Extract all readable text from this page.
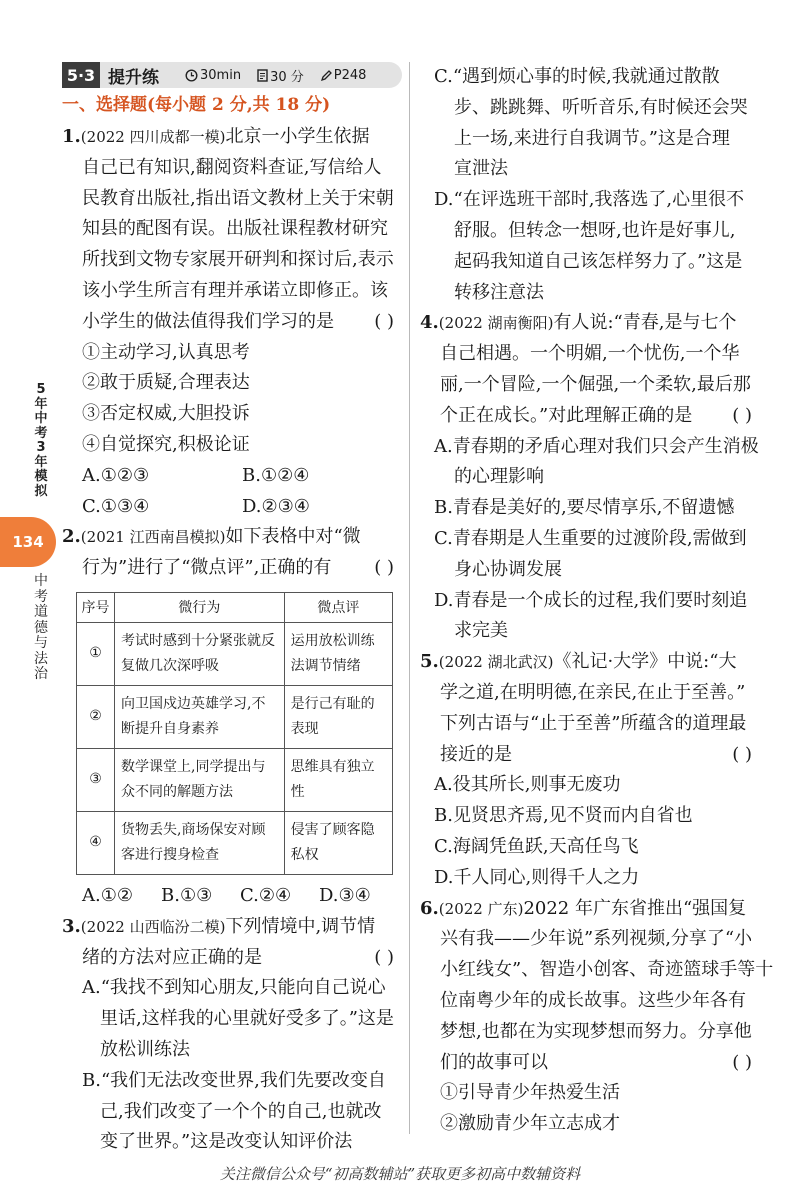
5年中考3年模拟
134
中考道德与法治
5·3 提升练	30min 30 分 P248
一、选择题(每小题 2 分,共 18 分)
1.(2022 四川成都一模)北京一小学生依据
自己已有知识,翻阅资料查证,写信给人
民教育出版社,指出语文教材上关于宋朝
知县的配图有误。出版社课程教材研究
所找到文物专家展开研判和探讨后,表示
该小学生所言有理并承诺立即修正。该
小学生的做法值得我们学习的是 ( )
①主动学习,认真思考
②敢于质疑,合理表达
③否定权威,大胆投诉
④自觉探究,积极论证
A.①②③	B.①②④
C.①③④	D.②③④
2.(2021 江西南昌模拟)如下表格中对“微
行为”进行了“微点评”,正确的有 ( )
序号	微行为	微点评
①	考试时感到十分紧张就反复做几次深呼吸	运用放松训练法调节情绪
②	向卫国戍边英雄学习,不断提升自身素养	是行己有耻的表现
③	数学课堂上,同学提出与众不同的解题方法	思维具有独立性
④	货物丢失,商场保安对顾客进行搜身检查	侵害了顾客隐私权
A.①②	B.①③	C.②④	D.③④
3.(2022 山西临汾二模)下列情境中,调节情
绪的方法对应正确的是	( )
A.“我找不到知心朋友,只能向自己说心
里话,这样我的心里就好受多了。”这是
放松训练法
B.“我们无法改变世界,我们先要改变自
己,我们改变了一个个的自己,也就改
变了世界。”这是改变认知评价法
C.“遇到烦心事的时候,我就通过散散
步、跳跳舞、听听音乐,有时候还会哭
上一场,来进行自我调节。”这是合理
宣泄法
D.“在评选班干部时,我落选了,心里很不
舒服。但转念一想呀,也许是好事儿,
起码我知道自己该怎样努力了。”这是
转移注意法
4.(2022 湖南衡阳)有人说:“青春,是与七个
自己相遇。一个明媚,一个忧伤,一个华
丽,一个冒险,一个倔强,一个柔软,最后那
个正在成长。”对此理解正确的是 ( )
A.青春期的矛盾心理对我们只会产生消极
的心理影响
B.青春是美好的,要尽情享乐,不留遗憾
C.青春期是人生重要的过渡阶段,需做到
身心协调发展
D.青春是一个成长的过程,我们要时刻追
求完美
5.(2022 湖北武汉)《礼记·大学》中说:“大
学之道,在明明德,在亲民,在止于至善。”
下列古语与“止于至善”所蕴含的道理最
接近的是	( )
A.役其所长,则事无废功
B.见贤思齐焉,见不贤而内自省也
C.海阔凭鱼跃,天高任鸟飞
D.千人同心,则得千人之力
6.(2022 广东)2022 年广东省推出“强国复
兴有我——少年说”系列视频,分享了“小
小红线女”、智造小创客、奇迹篮球手等十
位南粤少年的成长故事。这些少年各有
梦想,也都在为实现梦想而努力。分享他
们的故事可以	( )
①引导青少年热爱生活
②激励青少年立志成才
关注微信公众号“初高数辅站”获取更多初高中数辅资料
